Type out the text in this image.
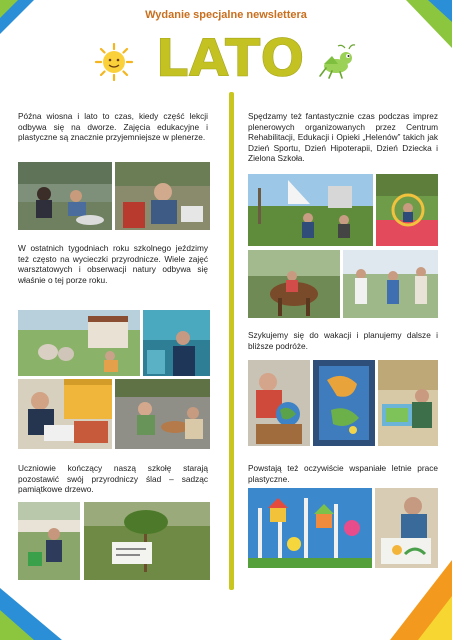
Wydanie specjalne newslettera
LATO
Późna wiosna i lato to czas, kiedy część lekcji odbywa się na dworze. Zajęcia edukacyjne i plastyczne są znacznie przyjemniejsze w plenerze.
W ostatnich tygodniach roku szkolnego jeździmy też często na wycieczki przyrodnicze. Wiele zajęć warsztatowych i obserwacji natury odbywa się właśnie o tej porze roku.
Uczniowie kończący naszą szkołę starają pozostawić swój przyrodniczy ślad – sadząc pamiątkowe drzewo.
Spędzamy też fantastycznie czas podczas imprez plenerowych organizowanych przez Centrum Rehabilitacji, Edukacji i Opieki „Helenów” takich jak Dzień Sportu, Dzień Hipoterapii, Dzień Dziecka i Zielona Szkoła.
Szykujemy się do wakacji i planujemy dalsze i bliższe podróże.
Powstają też oczywiście wspaniałe letnie prace plastyczne.
